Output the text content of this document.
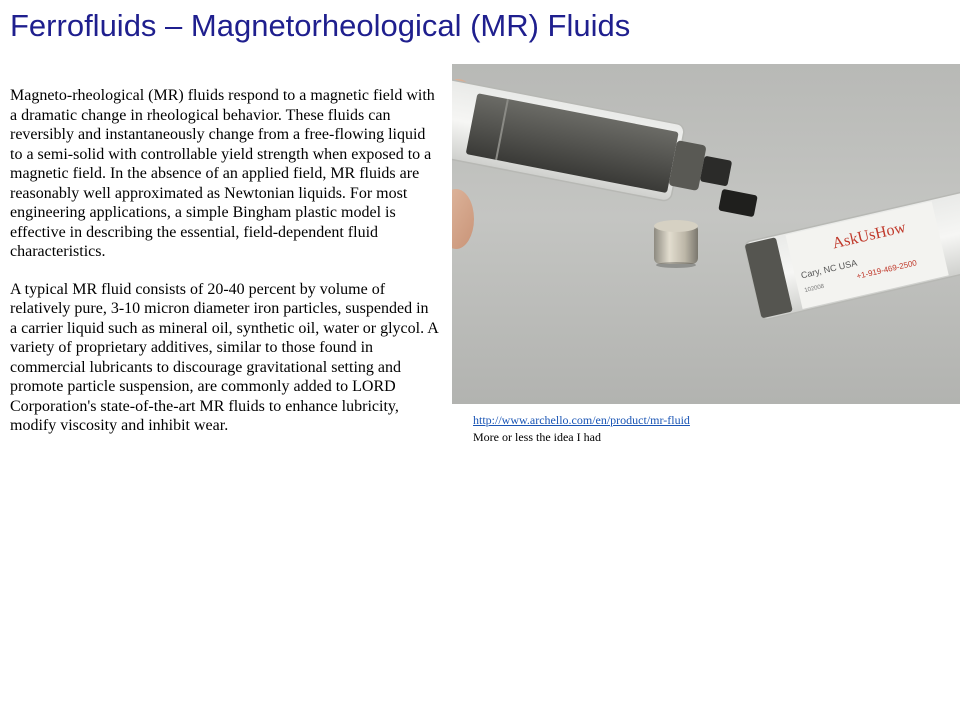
Ferrofluids – Magnetorheological (MR) Fluids

Magneto-rheological (MR) fluids respond to a magnetic field with a dramatic change in rheological behavior. These fluids can reversibly and instantaneously change from a free-flowing liquid to a semi-solid with controllable yield strength when exposed to a magnetic field. In the absence of an applied field, MR fluids are reasonably well approximated as Newtonian liquids. For most engineering applications, a simple Bingham plastic model is effective in describing the essential, field-dependent fluid characteristics.

A typical MR fluid consists of 20-40 percent by volume of relatively pure, 3-10 micron diameter iron particles, suspended in a carrier liquid such as mineral oil, synthetic oil, water or glycol. A variety of proprietary additives, similar to those found in commercial lubricants to discourage gravitational setting and promote particle suspension, are commonly added to LORD Corporation's state-of-the-art MR fluids to enhance lubricity, modify viscosity and inhibit wear.

AskUsHow
Cary, NC USA
+1-919-469-2500
102008
http://www.archello.com/en/product/mr-fluid
More or less the idea I had
